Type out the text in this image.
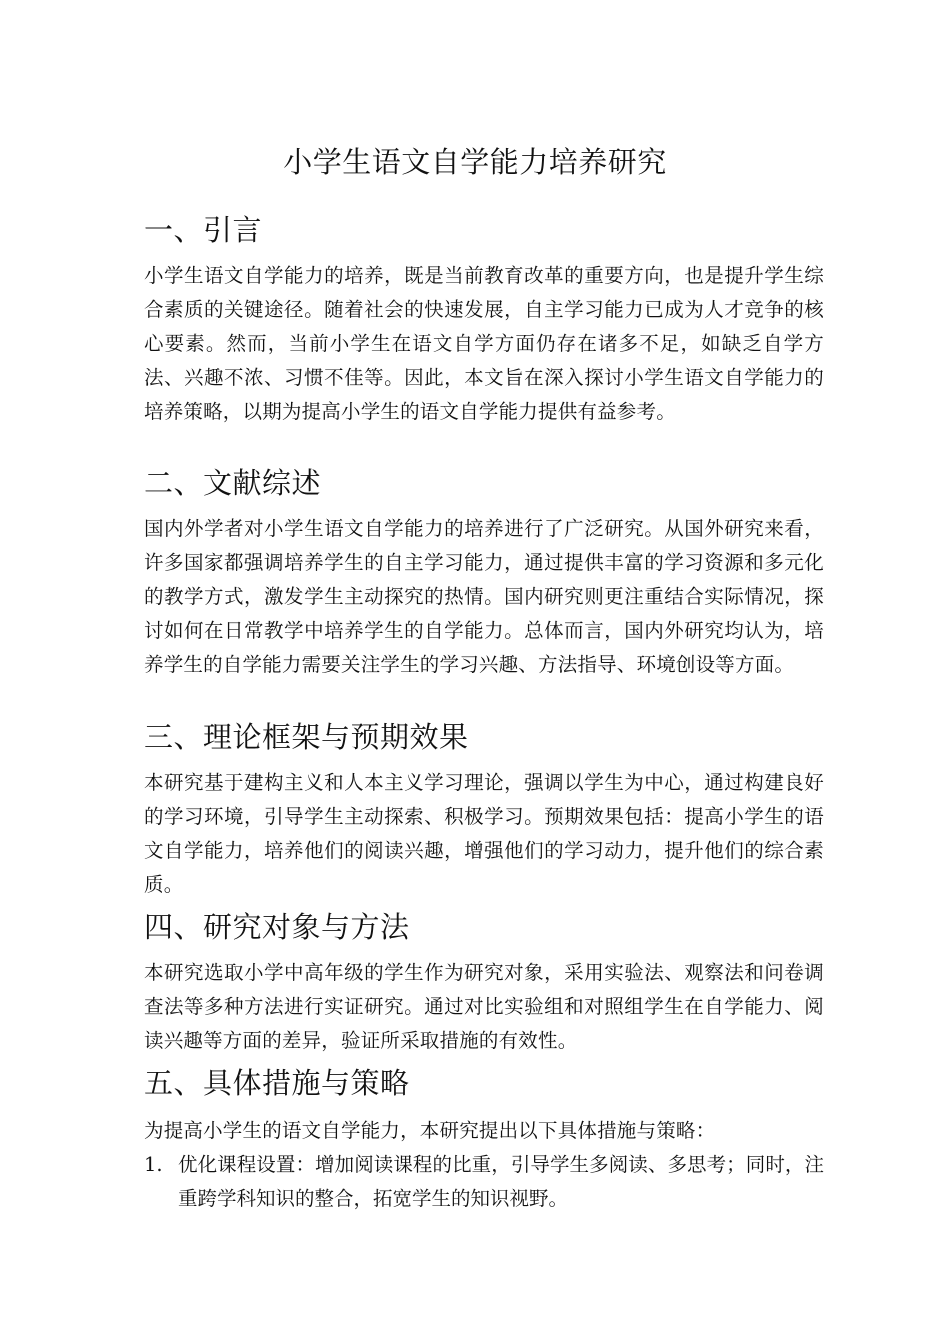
小学生语文自学能力培养研究
一、引言
小学生语文自学能力的培养，既是当前教育改革的重要方向，也是提升学生综合素质的关键途径。随着社会的快速发展，自主学习能力已成为人才竞争的核心要素。然而，当前小学生在语文自学方面仍存在诸多不足，如缺乏自学方法、兴趣不浓、习惯不佳等。因此，本文旨在深入探讨小学生语文自学能力的培养策略，以期为提高小学生的语文自学能力提供有益参考。
二、文献综述
国内外学者对小学生语文自学能力的培养进行了广泛研究。从国外研究来看，许多国家都强调培养学生的自主学习能力，通过提供丰富的学习资源和多元化的教学方式，激发学生主动探究的热情。国内研究则更注重结合实际情况，探讨如何在日常教学中培养学生的自学能力。总体而言，国内外研究均认为，培养学生的自学能力需要关注学生的学习兴趣、方法指导、环境创设等方面。
三、理论框架与预期效果
本研究基于建构主义和人本主义学习理论，强调以学生为中心，通过构建良好的学习环境，引导学生主动探索、积极学习。预期效果包括：提高小学生的语文自学能力，培养他们的阅读兴趣，增强他们的学习动力，提升他们的综合素质。
四、研究对象与方法
本研究选取小学中高年级的学生作为研究对象，采用实验法、观察法和问卷调查法等多种方法进行实证研究。通过对比实验组和对照组学生在自学能力、阅读兴趣等方面的差异，验证所采取措施的有效性。
五、具体措施与策略
为提高小学生的语文自学能力，本研究提出以下具体措施与策略：
1. 优化课程设置：增加阅读课程的比重，引导学生多阅读、多思考；同时，注重跨学科知识的整合，拓宽学生的知识视野。
